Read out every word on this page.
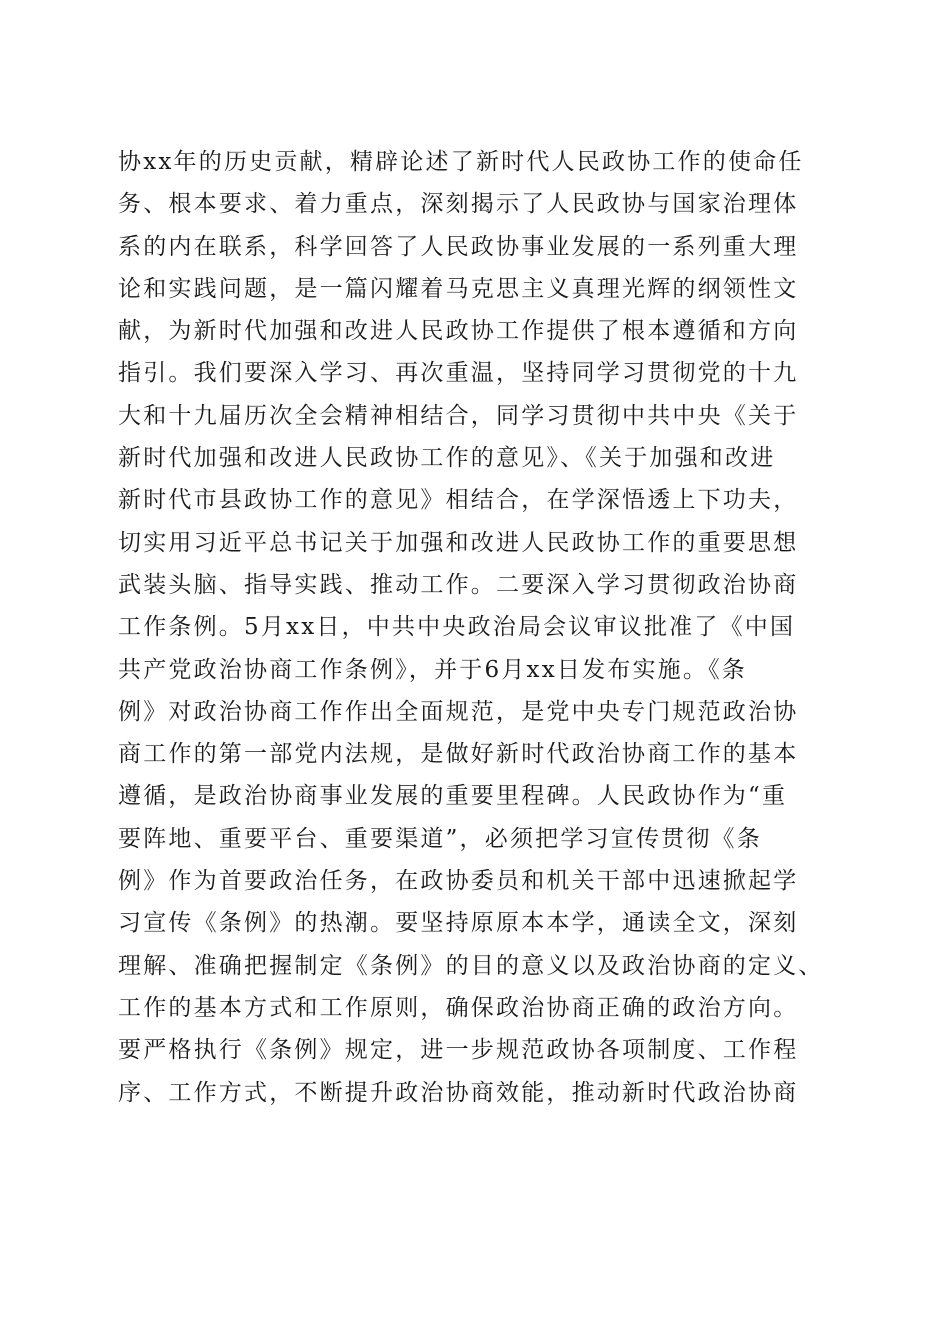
协xx年的历史贡献，精辟论述了新时代人民政协工作的使命任
务、根本要求、着力重点，深刻揭示了人民政协与国家治理体
系的内在联系，科学回答了人民政协事业发展的一系列重大理
论和实践问题，是一篇闪耀着马克思主义真理光辉的纲领性文
献，为新时代加强和改进人民政协工作提供了根本遵循和方向
指引。我们要深入学习、再次重温，坚持同学习贯彻党的十九
大和十九届历次全会精神相结合，同学习贯彻中共中央《关于
新时代加强和改进人民政协工作的意见》、《关于加强和改进
新时代市县政协工作的意见》相结合，在学深悟透上下功夫，
切实用习近平总书记关于加强和改进人民政协工作的重要思想
武装头脑、指导实践、推动工作。二要深入学习贯彻政治协商
工作条例。5月xx日，中共中央政治局会议审议批准了《中国
共产党政治协商工作条例》，并于6月xx日发布实施。《条
例》对政治协商工作作出全面规范，是党中央专门规范政治协
商工作的第一部党内法规，是做好新时代政治协商工作的基本
遵循，是政治协商事业发展的重要里程碑。人民政协作为“重
要阵地、重要平台、重要渠道”，必须把学习宣传贯彻《条
例》作为首要政治任务，在政协委员和机关干部中迅速掀起学
习宣传《条例》的热潮。要坚持原原本本学，通读全文，深刻
理解、准确把握制定《条例》的目的意义以及政治协商的定义、
工作的基本方式和工作原则，确保政治协商正确的政治方向。
要严格执行《条例》规定，进一步规范政协各项制度、工作程
序、工作方式，不断提升政治协商效能，推动新时代政治协商
